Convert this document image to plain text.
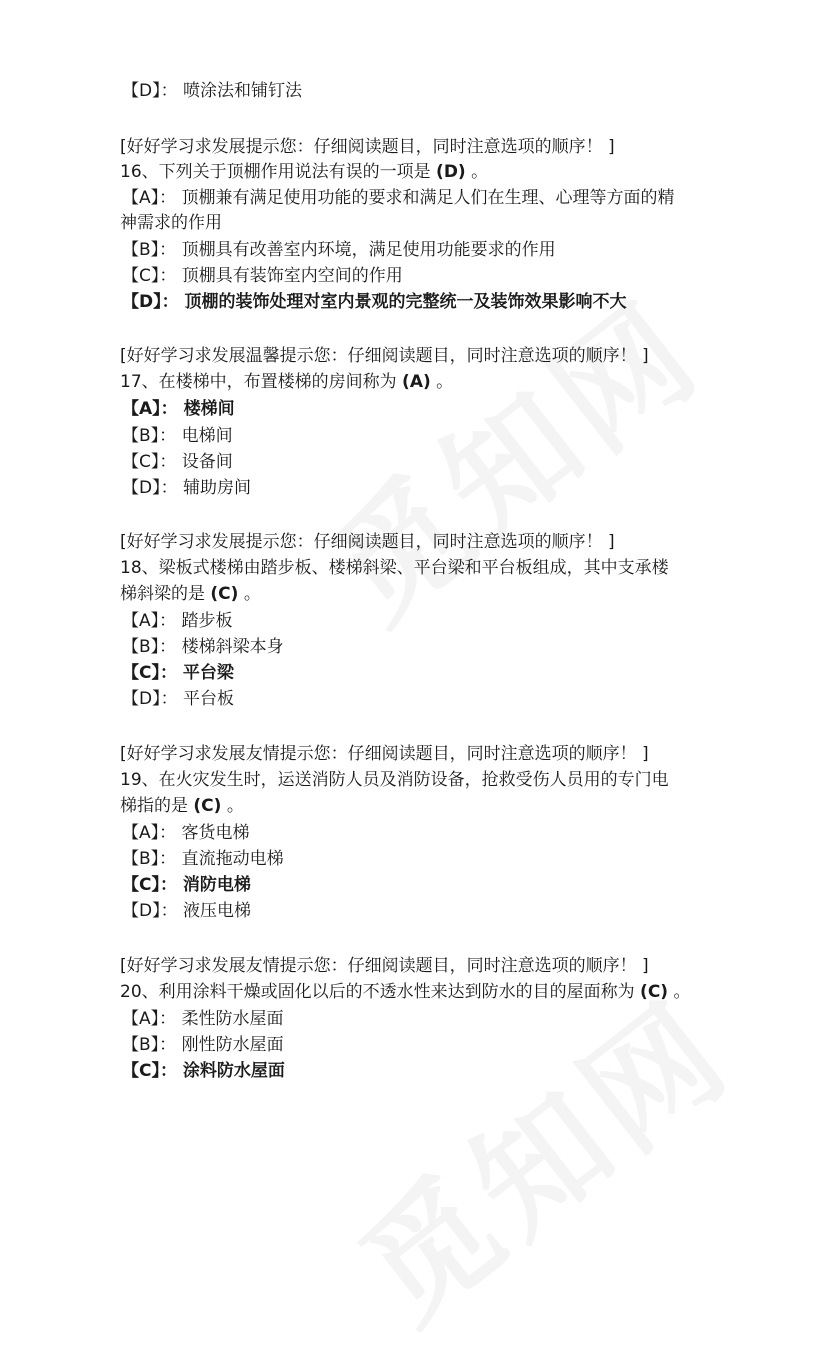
【D】： 喷涂法和铺钉法
[好好学习求发展提示您：仔细阅读题目，同时注意选项的顺序！ ]
16、下列关于顶棚作用说法有误的一项是 (D) 。
【A】： 顶棚兼有满足使用功能的要求和满足人们在生理、心理等方面的精
神需求的作用
【B】： 顶棚具有改善室内环境，满足使用功能要求的作用
【C】： 顶棚具有装饰室内空间的作用
【D】： 顶棚的装饰处理对室内景观的完整统一及装饰效果影响不大
[好好学习求发展温馨提示您：仔细阅读题目，同时注意选项的顺序！ ]
17、在楼梯中，布置楼梯的房间称为 (A) 。
【A】： 楼梯间
【B】： 电梯间
【C】： 设备间
【D】： 辅助房间
[好好学习求发展提示您：仔细阅读题目，同时注意选项的顺序！ ]
18、梁板式楼梯由踏步板、楼梯斜梁、平台梁和平台板组成，其中支承楼
梯斜梁的是 (C) 。
【A】： 踏步板
【B】： 楼梯斜梁本身
【C】： 平台梁
【D】： 平台板
[好好学习求发展友情提示您：仔细阅读题目，同时注意选项的顺序！ ]
19、在火灾发生时，运送消防人员及消防设备，抢救受伤人员用的专门电
梯指的是 (C) 。
【A】： 客货电梯
【B】： 直流拖动电梯
【C】： 消防电梯
【D】： 液压电梯
[好好学习求发展友情提示您：仔细阅读题目，同时注意选项的顺序！ ]
20、利用涂料干燥或固化以后的不透水性来达到防水的目的屋面称为 (C) 。
【A】： 柔性防水屋面
【B】： 刚性防水屋面
【C】： 涂料防水屋面
